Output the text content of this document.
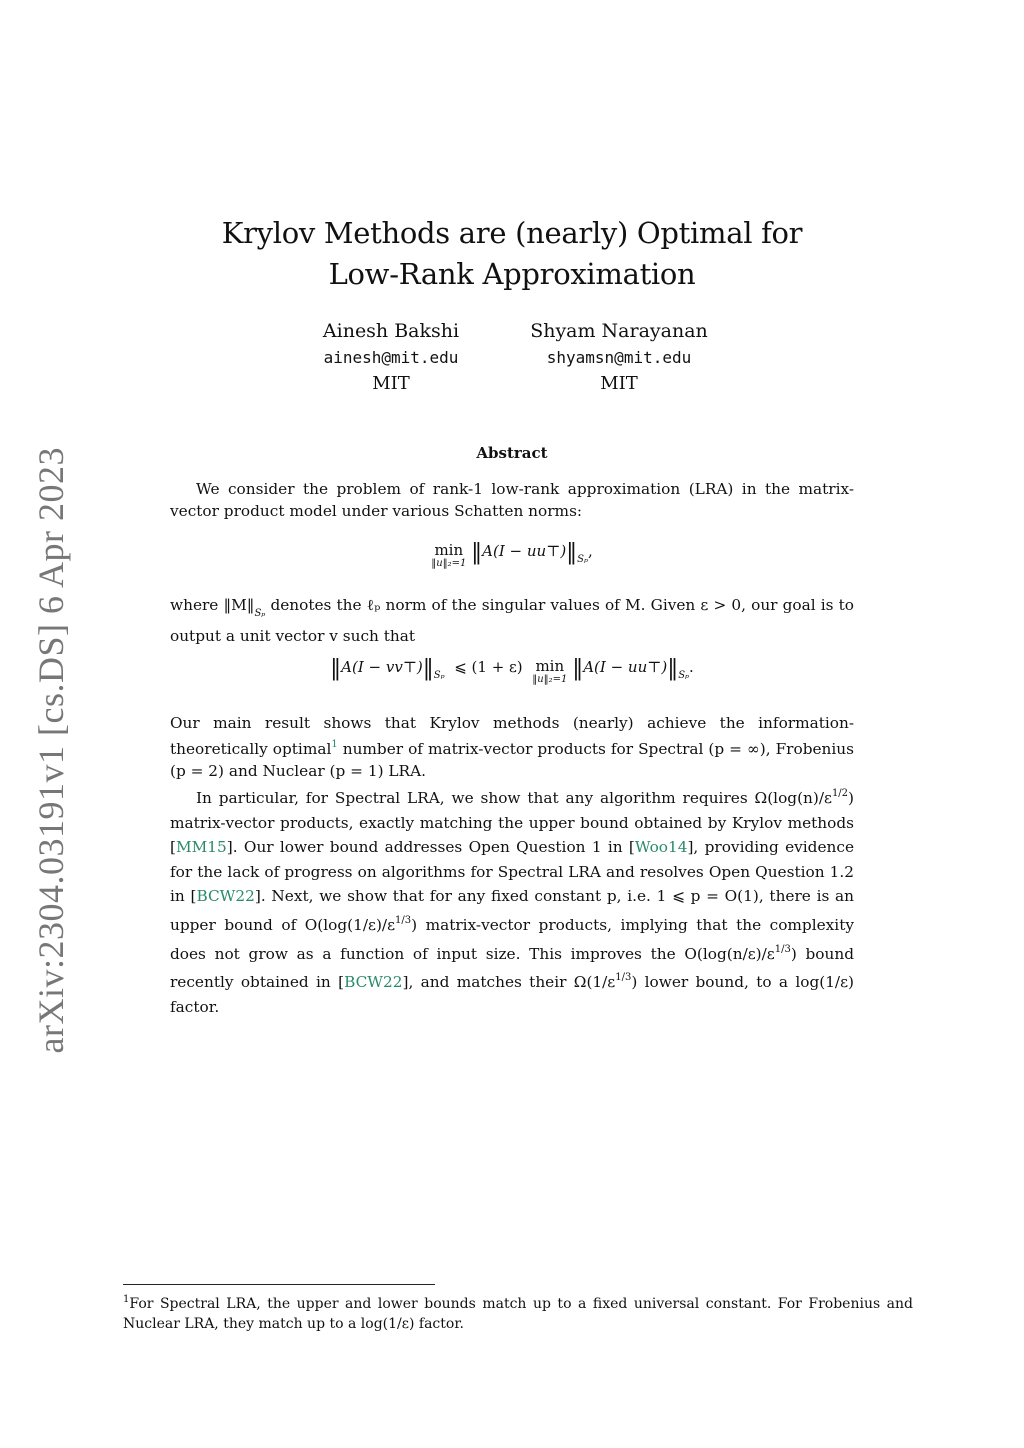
arXiv:2304.03191v1 [cs.DS] 6 Apr 2023
Krylov Methods are (nearly) Optimal for
Low-Rank Approximation
Ainesh Bakshi
ainesh@mit.edu
MIT
Shyam Narayanan
shyamsn@mit.edu
MIT
Abstract

We consider the problem of rank-1 low-rank approximation (LRA) in the matrix-vector product model under various Schatten norms:

min
‖u‖₂=1 ‖A(I − $uu⊤)‖_{S_p}$,

where $‖M‖_{S_p}$ denotes the ℓₚ norm of the singular values of M. Given ε > 0, our goal is to output a unit vector v such that

‖A(I − $vv⊤)‖_{S_p}$ ⩽ (1 + ε) min
‖u‖₂=1 ‖A(I − $uu⊤)‖_{S_p}$.

Our main result shows that Krylov methods (nearly) achieve the information-theoretically optimal$^1$ number of matrix-vector products for Spectral (p = ∞), Frobenius (p = 2) and Nuclear (p = 1) LRA.

In particular, for Spectral LRA, we show that any algorithm requires $\Omega(\log(n)/\varepsilon^{1/2})$ matrix-vector products, exactly matching the upper bound obtained by Krylov methods [MM15]. Our lower bound addresses Open Question 1 in [Woo14], providing evidence for the lack of progress on algorithms for Spectral LRA and resolves Open Question 1.2 in [BCW22]. Next, we show that for any fixed constant p, i.e. 1 ⩽ p = O(1), there is an upper bound of $O(\log(1/\varepsilon)/\varepsilon^{1/3})$ matrix-vector products, implying that the complexity does not grow as a function of input size. This improves the $O(\log(n/\varepsilon)/\varepsilon^{1/3})$ bound recently obtained in [BCW22], and matches their $\Omega(1/\varepsilon^{1/3})$ lower bound, to a log(1/ε) factor.

$^1$For Spectral LRA, the upper and lower bounds match up to a fixed universal constant. For Frobenius and Nuclear LRA, they match up to a log(1/ε) factor.
